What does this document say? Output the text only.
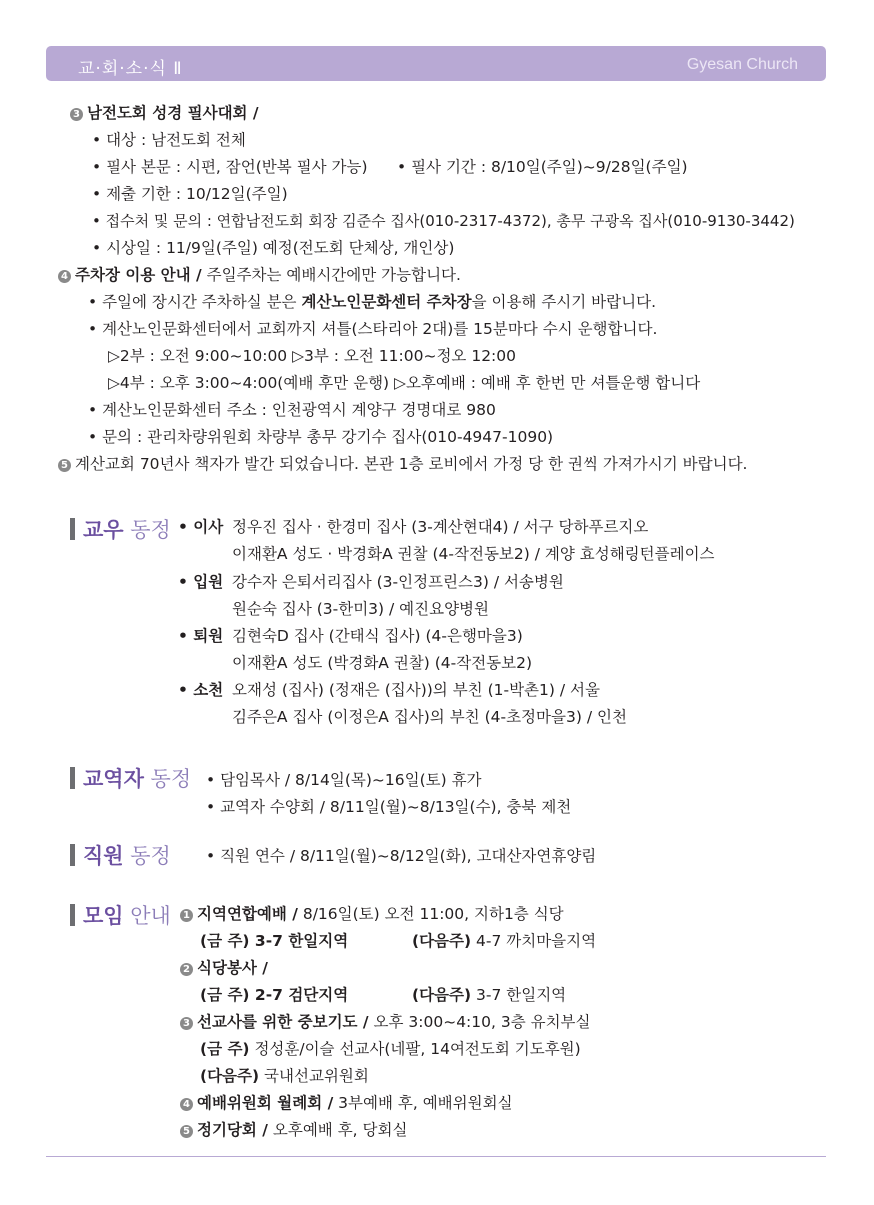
교·회·소·식 Ⅱ	Gyesan Church
3 남전도회 성경 필사대회 /
• 대상 : 남전도회 전체
• 필사 본문 : 시편, 잠언(반복 필사 가능) • 필사 기간 : 8/10일(주일)~9/28일(주일)
• 제출 기한 : 10/12일(주일)
• 접수처 및 문의 : 연합남전도회 회장 김준수 집사(010-2317-4372), 총무 구광옥 집사(010-9130-3442)
• 시상일 : 11/9일(주일) 예정(전도회 단체상, 개인상)
4 주차장 이용 안내 / 주일주차는 예배시간에만 가능합니다.
• 주일에 장시간 주차하실 분은 계산노인문화센터 주차장을 이용해 주시기 바랍니다.
• 계산노인문화센터에서 교회까지 셔틀(스타리아 2대)를 15분마다 수시 운행합니다.
▷2부 : 오전 9:00~10:00 ▷3부 : 오전 11:00~정오 12:00
▷4부 : 오후 3:00~4:00(예배 후만 운행) ▷오후예배 : 예배 후 한번 만 셔틀운행 합니다
• 계산노인문화센터 주소 : 인천광역시 계양구 경명대로 980
• 문의 : 관리차량위원회 차량부 총무 강기수 집사(010-4947-1090)
5 계산교회 70년사 책자가 발간 되었습니다. 본관 1층 로비에서 가정 당 한 권씩 가져가시기 바랍니다.
교우 동정 • 이사 정우진 집사 · 한경미 집사 (3-계산현대4) / 서구 당하푸르지오
이재환A 성도 · 박경화A 권찰 (4-작전동보2) / 계양 효성해링턴플레이스
• 입원 강수자 은퇴서리집사 (3-인정프린스3) / 서송병원
원순숙 집사 (3-한미3) / 예진요양병원
• 퇴원 김현숙D 집사 (간태식 집사) (4-은행마을3)
이재환A 성도 (박경화A 권찰) (4-작전동보2)
• 소천 오재성 (집사) (정재은 (집사))의 부친 (1-박촌1) / 서울
김주은A 집사 (이정은A 집사)의 부친 (4-초정마을3) / 인천
교역자 동정 • 담임목사 / 8/14일(목)~16일(토) 휴가
• 교역자 수양회 / 8/11일(월)~8/13일(수), 충북 제천
직원 동정 • 직원 연수 / 8/11일(월)~8/12일(화), 고대산자연휴양림
모임 안내	1 지역연합예배 / 8/16일(토) 오전 11:00, 지하1층 식당
(금 주) 3-7 한일지역	(다음주) 4-7 까치마을지역
2 식당봉사 /
(금 주) 2-7 검단지역	(다음주) 3-7 한일지역
3 선교사를 위한 중보기도 / 오후 3:00~4:10, 3층 유치부실
(금 주) 정성훈/이슬 선교사(네팔, 14여전도회 기도후원)
(다음주) 국내선교위원회
4 예배위원회 월례회 / 3부예배 후, 예배위원회실
5 정기당회 / 오후예배 후, 당회실
